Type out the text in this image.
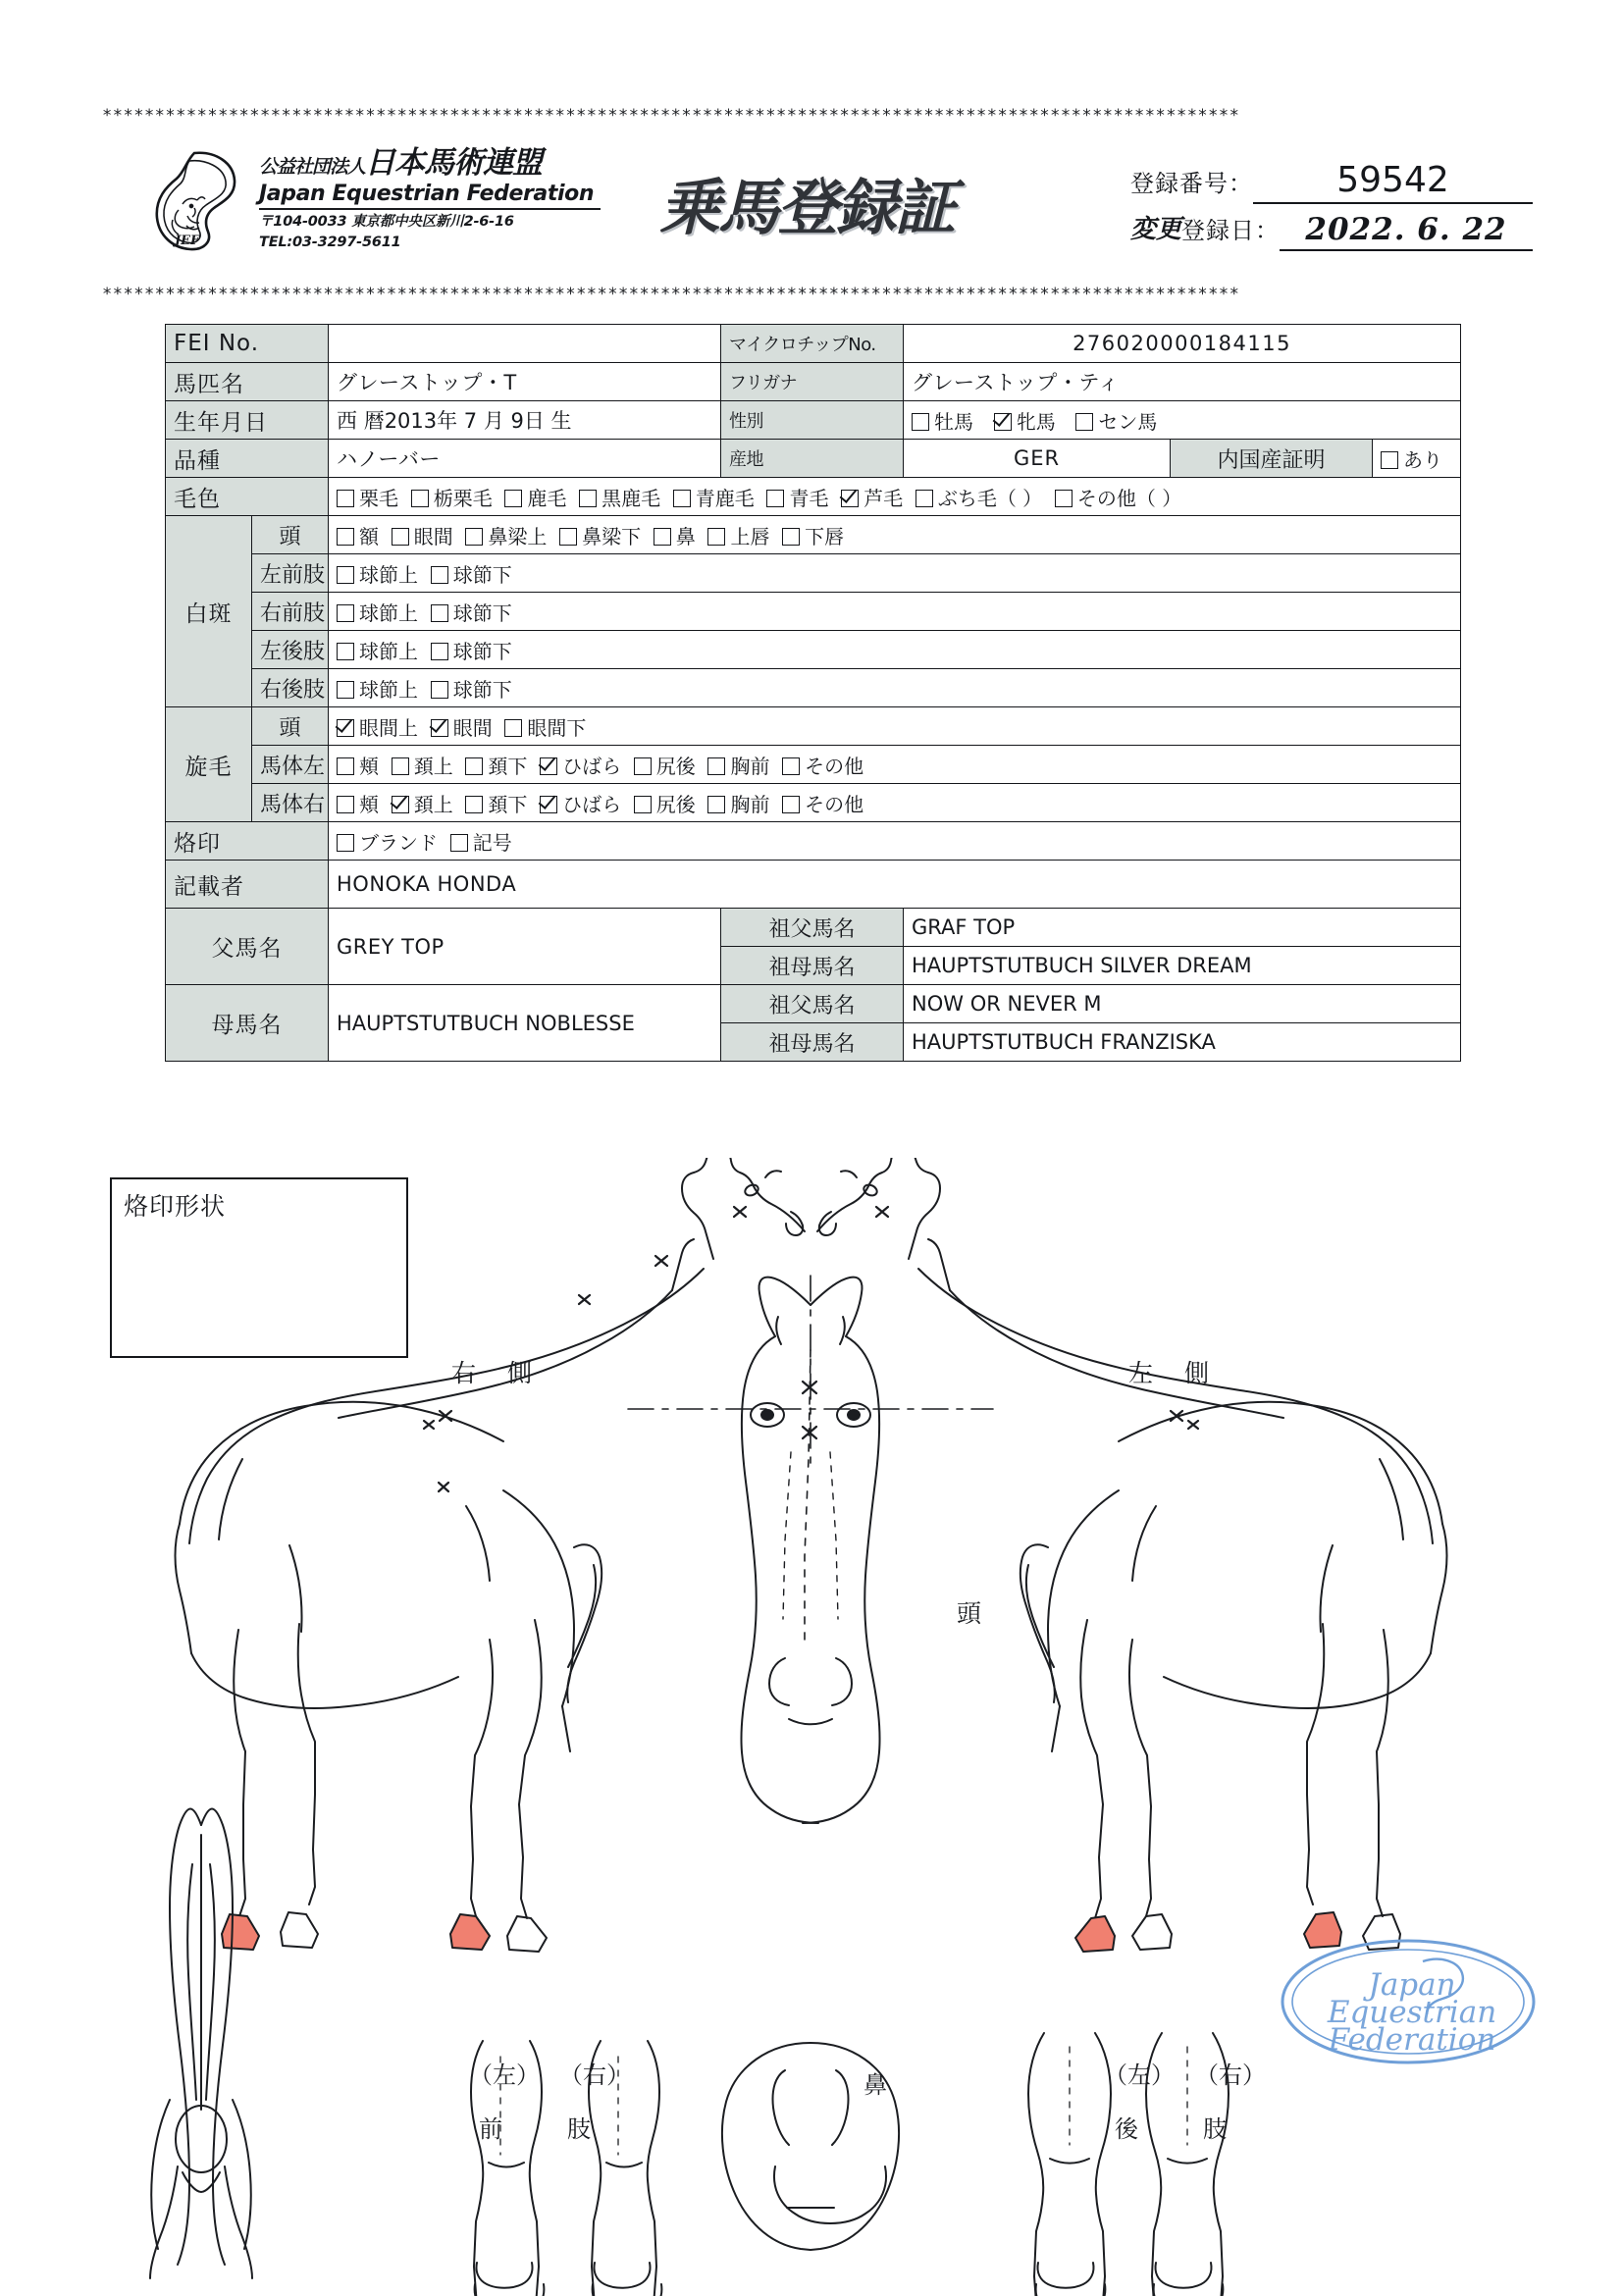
************************************************************************************************************
JEF
公益社団法人日本馬術連盟
Japan Equestrian Federation
〒104-0033 東京都中央区新川2-6-16
TEL:03-3297-5611	乗馬登録証	登録番号：	59542
変更 登録日： 2022. 6. 22
************************************************************************************************************
FEI No.			マイクロチップNo.	276020000184115		
馬匹名		グレーストップ・T	フリガナ	グレーストップ・ティ		
生年月日		西 暦2013年 7 月 9日 生	性別	牡馬 牝馬 セン馬		
品種		ハノーバー	産地	GER	内国産証明	あり
毛色		栗毛 栃栗毛 鹿毛 黒鹿毛 青鹿毛 青毛 芦毛 ぶち毛（ ） その他（ ）				
白斑	頭	額 眼間 鼻梁上 鼻梁下 鼻 上唇 下唇				
	左前肢	球節上 球節下				
	右前肢	球節上 球節下				
	左後肢	球節上 球節下				
	右後肢	球節上 球節下				
旋毛	頭	眼間上 眼間 眼間下				
	馬体左	頬 頚上 頚下 ひばら 尻後 胸前 その他				
	馬体右	頬 頚上 頚下 ひばら 尻後 胸前 その他				
烙印		ブランド 記号				
記載者		HONOKA HONDA				
父馬名		GREY TOP	祖父馬名	GRAF TOP		
			祖母馬名	HAUPTSTUTBUCH SILVER DREAM		
母馬名		HAUPTSTUTBUCH NOBLESSE	祖父馬名	NOW OR NEVER M		
			祖母馬名	HAUPTSTUTBUCH FRANZISKA		
烙印形状
右 側	左 側
頭
（左） （右）
前　　肢
鼻	（左） （右）
後　　肢
Japan
Equestrian
Federation
